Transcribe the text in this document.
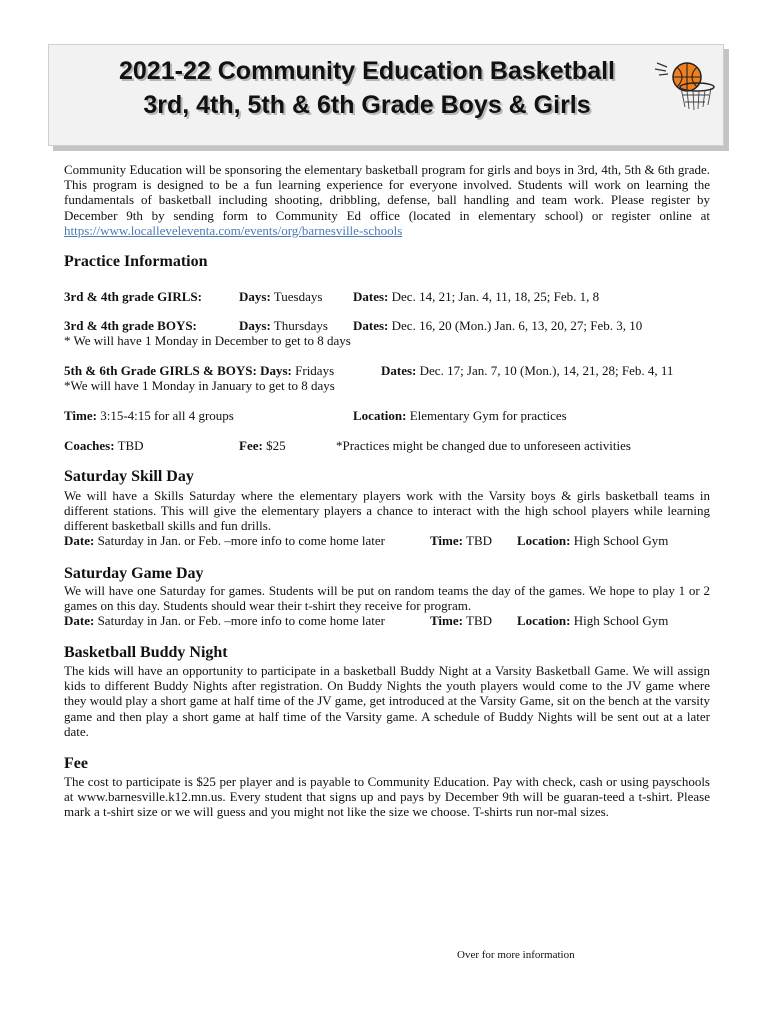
2021-22 Community Education Basketball
3rd, 4th, 5th & 6th Grade Boys & Girls

Community Education will be sponsoring the elementary basketball program for girls and boys in 3rd, 4th, 5th & 6th grade. This program is designed to be a fun learning experience for everyone involved. Students will work on learning the fundamentals of basketball including shooting, dribbling, defense, ball handling and team work. Please register by December 9th by sending form to Community Ed office (located in elementary school) or register online at https://www.localleveleventa.com/events/org/barnesville-schools

Practice Information
3rd & 4th grade GIRLS:	Days: Tuesdays Dates: Dec. 14, 21; Jan. 4, 11, 18, 25; Feb. 1, 8
3rd & 4th grade BOYS:	Days: Thursdays Dates: Dec. 16, 20 (Mon.) Jan. 6, 13, 20, 27; Feb. 3, 10
* We will have 1 Monday in December to get to 8 days
5th & 6th Grade GIRLS & BOYS: Days: Fridays	Dates: Dec. 17; Jan. 7, 10 (Mon.), 14, 21, 28; Feb. 4, 11
*We will have 1 Monday in January to get to 8 days
Time: 3:15-4:15 for all 4 groups	Location: Elementary Gym for practices
Coaches: TBD	Fee: $25	*Practices might be changed due to unforeseen activities
Saturday Skill Day

We will have a Skills Saturday where the elementary players work with the Varsity boys & girls basketball teams in different stations. This will give the elementary players a chance to interact with the high school players while learning different basketball skills and fun drills.

Date: Saturday in Jan. or Feb. –more info to come home later	Time: TBD Location: High School Gym
Saturday Game Day

We will have one Saturday for games. Students will be put on random teams the day of the games. We hope to play 1 or 2 games on this day. Students should wear their t-shirt they receive for program.

Date: Saturday in Jan. or Feb. –more info to come home later	Time: TBD Location: High School Gym
Basketball Buddy Night

The kids will have an opportunity to participate in a basketball Buddy Night at a Varsity Basketball Game. We will assign kids to different Buddy Nights after registration. On Buddy Nights the youth players would come to the JV game where they would play a short game at half time of the JV game, get introduced at the Varsity Game, sit on the bench at the varsity game and then play a short game at half time of the Varsity game. A schedule of Buddy Nights will be sent out at a later date.

Fee

The cost to participate is $25 per player and is payable to Community Education. Pay with check, cash or using payschools at www.barnesville.k12.mn.us. Every student that signs up and pays by December 9th will be guaran-teed a t-shirt. Please mark a t-shirt size or we will guess and you might not like the size we choose. T-shirts run nor-mal sizes.

Over for more information
